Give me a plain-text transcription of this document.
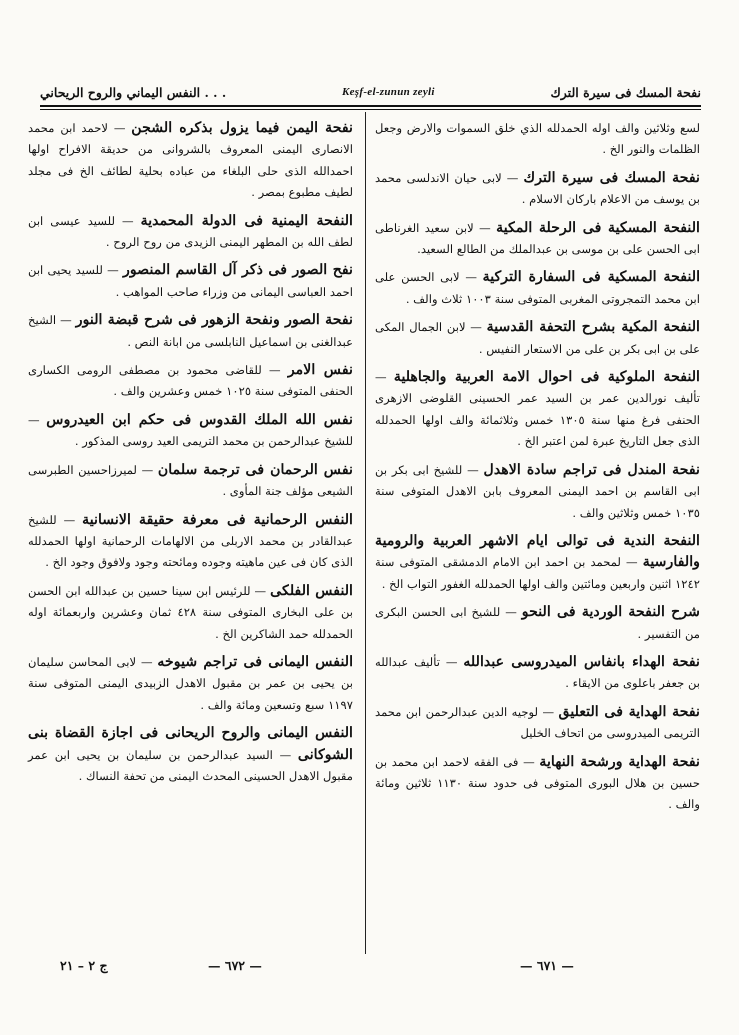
النفس اليماني والروح الريحاني . . .	Keşf-el-zunun zeyli	نفحة المسك فى سيرة الترك

لسع وثلاثين والف اوله الحمدلله الذي خلق السموات والارض وجعل الظلمات والنور الخ .

نفحة المسك فى سيرة الترك — لابى حيان الاندلسى محمد بن يوسف من الاعلام باركان الاسلام .

النفحة المسكية فى الرحلة المكية — لابن سعيد الغرناطى ابى الحسن على بن موسى بن عبدالملك من الطالع السعيد.

النفحة المسكية فى السفارة التركية — لابى الحسن على ابن محمد التمجروتى المغربى المتوفى سنة ١٠٠٣ ثلاث والف .

النفحة المكية بشرح التحفة القدسية — لابن الجمال المكى على بن ابى بكر بن على من الاستعار النفيس .

النفحة الملوكية فى احوال الامة العربية والجاهلية — تأليف نورالدين عمر بن السيد عمر الحسينى القلوضى الازهرى الحنفى فرغ منها سنة ١٣٠٥ خمس وثلاثمائة والف اولها الحمدلله الذى جعل التاريخ عبرة لمن اعتبر الخ .

نفحة المندل فى تراجم سادة الاهدل — للشيخ ابى بكر بن ابى القاسم بن احمد اليمنى المعروف بابن الاهدل المتوفى سنة ١٠٣٥ خمس وثلاثين والف .

النفحة الندية فى توالى ايام الاشهر العربية والرومية والفارسية — لمحمد بن احمد ابن الامام الدمشقى المتوفى سنة ١٢٤٢ اثنين واربعين ومائتين والف اولها الحمدلله الغفور التواب الخ .

شرح النفحة الوردية فى النحو — للشيخ ابى الحسن البكرى من التفسير .

نفحة الهداء بانفاس الميدروسى عبدالله — تأليف عبدالله بن جعفر باعلوى من الايقاء .

نفحة الهداية فى التعليق — لوجيه الدين عبدالرحمن ابن محمد التريمى الميدروسى من اتحاف الخليل

نفحة الهداية ورشحة النهاية — فى الفقه لاحمد ابن محمد بن حسين بن هلال البورى المتوفى فى حدود سنة ١١٣٠ ثلاثين ومائة والف .

نفحة اليمن فيما يزول بذكره الشجن — لاحمد ابن محمد الانصارى اليمنى المعروف بالشروانى من حديقة الافراح اولها احمدالله الذى حلى البلغاء من عباده بحلية لطائف الخ فى مجلد لطيف مطبوع بمصر .

النفحة اليمنية فى الدولة المحمدية — للسيد عيسى ابن لطف الله بن المطهر اليمنى الزيدى من روح الروح .

نفح الصور فى ذكر آل القاسم المنصور — للسيد يحيى ابن احمد العباسى اليمانى من وزراء صاحب المواهب .

نفحة الصور ونفحة الزهور فى شرح قبضة النور — الشيخ عبدالغنى بن اسماعيل النابلسى من ابانة النص .

نفس الامر — للقاضى محمود بن مصطفى الرومى الكسارى الحنفى المتوفى سنة ١٠٢٥ خمس وعشرين والف .

نفس الله الملك القدوس فى حكم ابن العيدروس — للشيخ عبدالرحمن بن محمد التريمى العيد روسى المذكور .

نفس الرحمان فى ترجمة سلمان — لميرزاحسين الطبرسى الشيعى مؤلف جنة المأوى .

النفس الرحمانية فى معرفة حقيقة الانسانية — للشيخ عبدالقادر بن محمد الاربلى من الالهامات الرحمانية اولها الحمدلله الذى كان فى عين ماهيته وجوده ومائحته وجود ولافوق وجود الخ .

النفس الفلكى — للرئيس ابن سينا حسين بن عبدالله ابن الحسن بن على البخارى المتوفى سنة ٤٢٨ ثمان وعشرين واربعمائة اوله الحمدلله حمد الشاكرين الخ .

النفس اليمانى فى تراجم شيوخه — لابى المحاسن سليمان بن يحيى بن عمر بن مقبول الاهدل الزبيدى اليمنى المتوفى سنة ١١٩٧ سبع وتسعين ومائة والف .

النفس اليمانى والروح الريحانى فى اجازة القضاة بنى الشوكانى — السيد عبدالرحمن بن سليمان بن يحيى ابن عمر مقبول الاهدل الحسينى المحدث اليمنى من تحفة النساك .

ج ٢ – ٢١	— ٦٧٢ —	— ٦٧١ —
